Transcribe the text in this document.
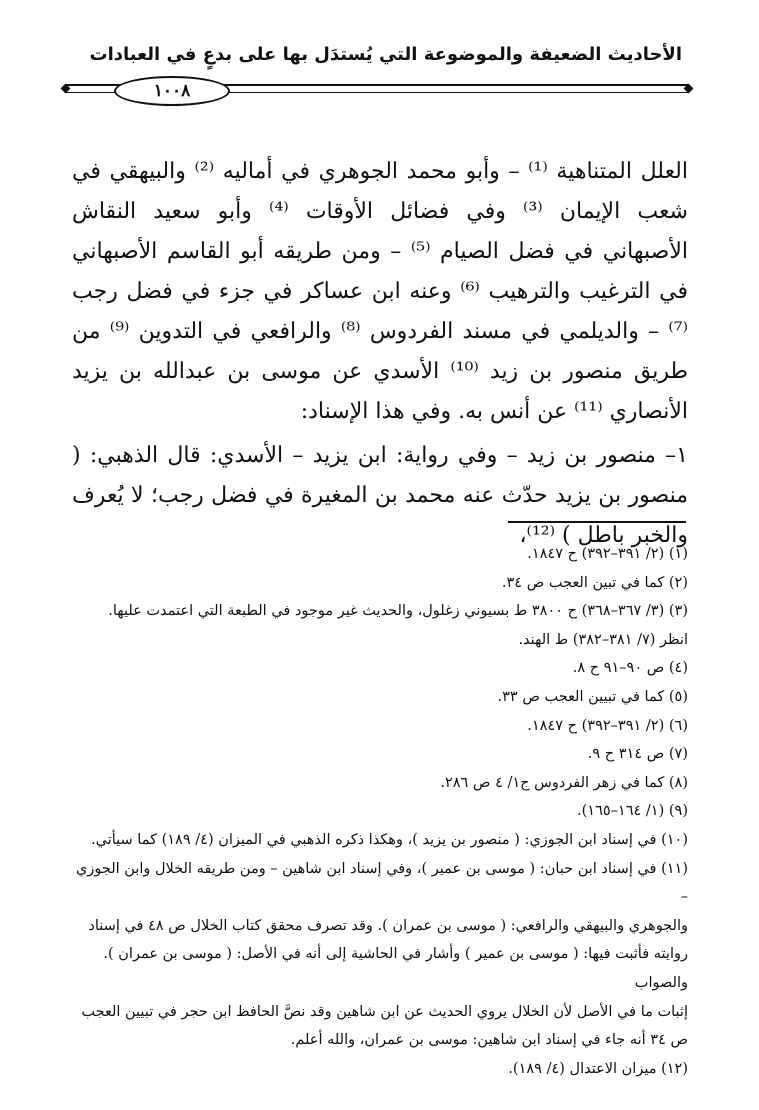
الأحاديث الضعيفة والموضوعة التي يُستدَل بها على بدعٍ في العبادات
١٠٠٨

العلل المتناهية ⁽¹⁾ – وأبو محمد الجوهري في أماليه ⁽²⁾ والبيهقي في شعب الإيمان ⁽³⁾ وفي فضائل الأوقات ⁽⁴⁾ وأبو سعيد النقاش الأصبهاني في فضل الصيام ⁽⁵⁾ – ومن طريقه أبو القاسم الأصبهاني في الترغيب والترهيب ⁽⁶⁾ وعنه ابن عساكر في جزء في فضل رجب ⁽⁷⁾ – والديلمي في مسند الفردوس ⁽⁸⁾ والرافعي في التدوين ⁽⁹⁾ من طريق منصور بن زيد ⁽¹⁰⁾ الأسدي عن موسى بن عبدالله بن يزيد الأنصاري ⁽¹¹⁾ عن أنس به. وفي هذا الإسناد:

١– منصور بن زيد – وفي رواية: ابن يزيد – الأسدي: قال الذهبي: ( منصور بن يزيد حدّث عنه محمد بن المغيرة في فضل رجب؛ لا يُعرف والخبر باطل ) ⁽¹²⁾،

(١) (٢/ ٣٩١–٣٩٢) ح ١٨٤٧.

(٢) كما في تبين العجب ص ٣٤.

(٣) (٣/ ٣٦٧–٣٦٨) ح ٣٨٠٠ ط بسيوني زغلول، والحديث غير موجود في الطبعة التي اعتمدت عليها.
انظر (٧/ ٣٨١–٣٨٢) ط الهند.

(٤) ص ٩٠–٩١ ح ٨.

(٥) كما في تبيين العجب ص ٣٣.

(٦) (٢/ ٣٩١–٣٩٢) ح ١٨٤٧.

(٧) ص ٣١٤ ح ٩.

(٨) كما في زهر الفردوس ج١/ ٤ ص ٢٨٦.

(٩) (١/ ١٦٤–١٦٥).

(١٠) في إسناد ابن الجوزي: ( منصور بن يزيد )، وهكذا ذكره الذهبي في الميزان (٤/ ١٨٩) كما سيأتي.

(١١) في إسناد ابن حبان: ( موسى بن عمير )، وفي إسناد ابن شاهين – ومن طريقه الخلال وابن الجوزي –
والجوهري والبيهقي والرافعي: ( موسى بن عمران ). وقد تصرف محقق كتاب الخلال ص ٤٨ في إسناد
روايته فأثبت فيها: ( موسى بن عمير ) وأشار في الحاشية إلى أنه في الأصل: ( موسى بن عمران ). والصواب
إثبات ما في الأصل لأن الخلال يروي الحديث عن ابن شاهين وقد نصَّ الحافظ ابن حجر في تبيين العجب
ص ٣٤ أنه جاء في إسناد ابن شاهين: موسى بن عمران، والله أعلم.

(١٢) ميزان الاعتدال (٤/ ١٨٩).
